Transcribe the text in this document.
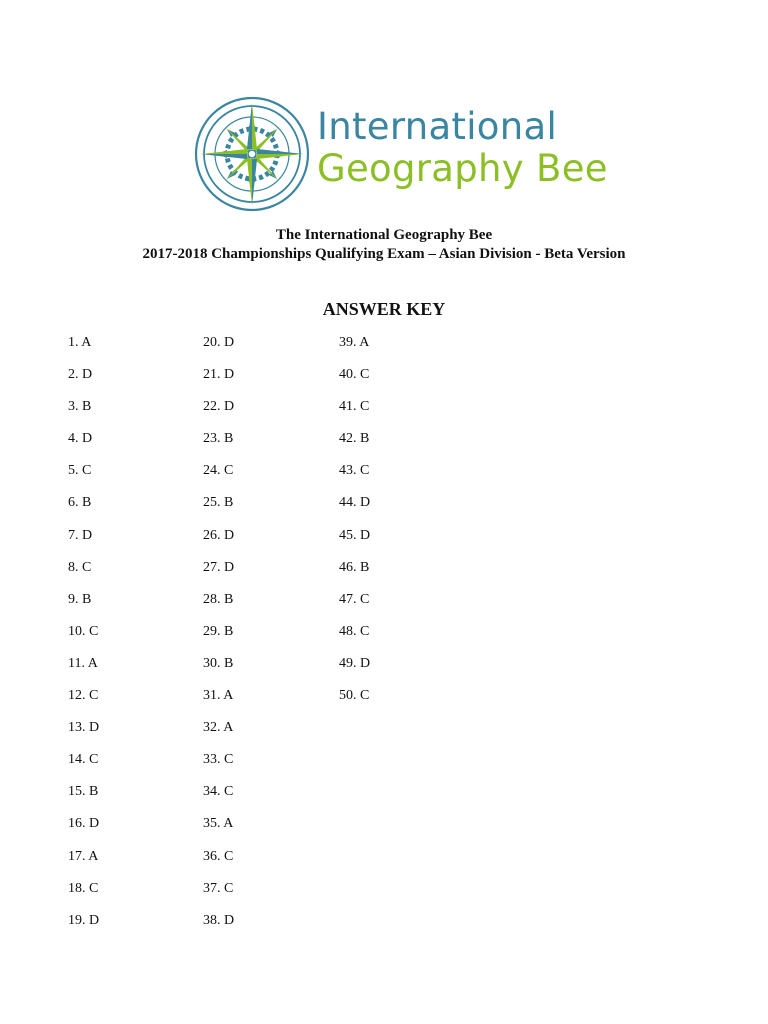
International
Geography Bee
The International Geography Bee
2017-2018 Championships Qualifying Exam – Asian Division - Beta Version
ANSWER KEY
1. A
2. D
3. B
4. D
5. C
6. B
7. D
8. C
9. B
10. C
11. A
12. C
13. D
14. C
15. B
16. D
17. A
18. C
19. D
20. D
21. D
22. D
23. B
24. C
25. B
26. D
27. D
28. B
29. B
30. B
31. A
32. A
33. C
34. C
35. A
36. C
37. C
38. D
39. A
40. C
41. C
42. B
43. C
44. D
45. D
46. B
47. C
48. C
49. D
50. C
